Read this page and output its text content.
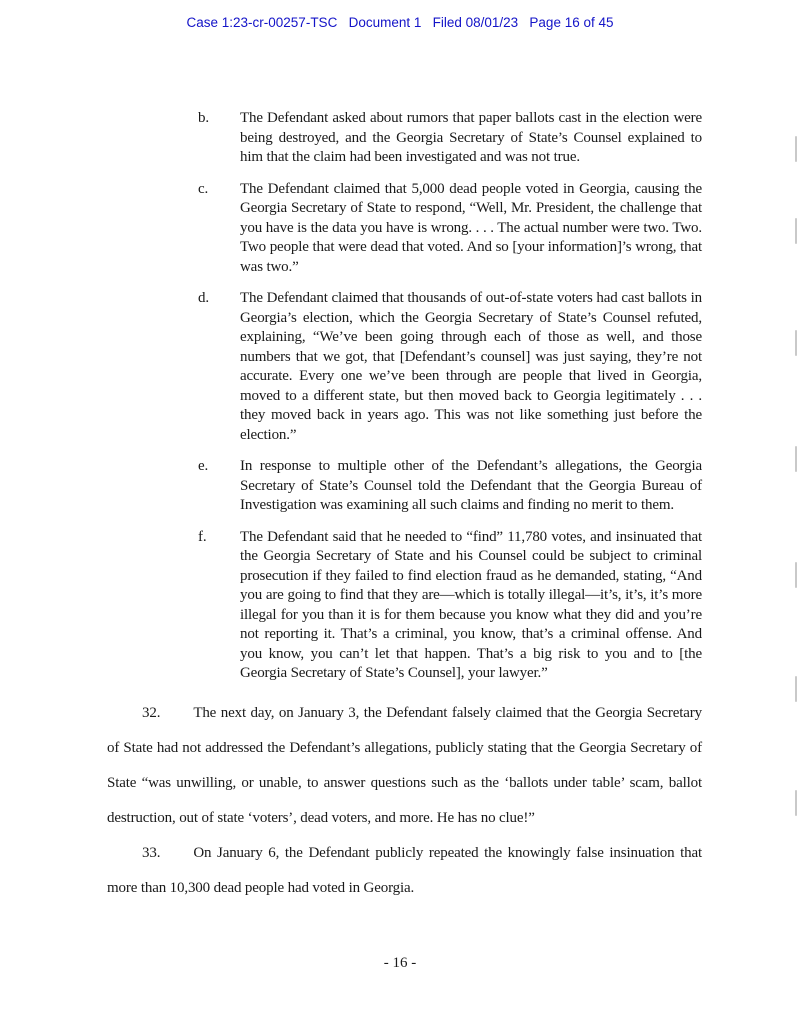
Case 1:23-cr-00257-TSC   Document 1   Filed 08/01/23   Page 16 of 45
b.	The Defendant asked about rumors that paper ballots cast in the election were being destroyed, and the Georgia Secretary of State’s Counsel explained to him that the claim had been investigated and was not true.
c.	The Defendant claimed that 5,000 dead people voted in Georgia, causing the Georgia Secretary of State to respond, “Well, Mr. President, the challenge that you have is the data you have is wrong. . . . The actual number were two. Two. Two people that were dead that voted. And so [your information]’s wrong, that was two.”
d.	The Defendant claimed that thousands of out-of-state voters had cast ballots in Georgia’s election, which the Georgia Secretary of State’s Counsel refuted, explaining, “We’ve been going through each of those as well, and those numbers that we got, that [Defendant’s counsel] was just saying, they’re not accurate. Every one we’ve been through are people that lived in Georgia, moved to a different state, but then moved back to Georgia legitimately . . . they moved back in years ago. This was not like something just before the election.”
e.	In response to multiple other of the Defendant’s allegations, the Georgia Secretary of State’s Counsel told the Defendant that the Georgia Bureau of Investigation was examining all such claims and finding no merit to them.
f.	The Defendant said that he needed to “find” 11,780 votes, and insinuated that the Georgia Secretary of State and his Counsel could be subject to criminal prosecution if they failed to find election fraud as he demanded, stating, “And you are going to find that they are—which is totally illegal—it’s, it’s, it’s more illegal for you than it is for them because you know what they did and you’re not reporting it. That’s a criminal, you know, that’s a criminal offense. And you know, you can’t let that happen. That’s a big risk to you and to [the Georgia Secretary of State’s Counsel], your lawyer.”

32. The next day, on January 3, the Defendant falsely claimed that the Georgia Secretary of State had not addressed the Defendant’s allegations, publicly stating that the Georgia Secretary of State “was unwilling, or unable, to answer questions such as the ‘ballots under table’ scam, ballot destruction, out of state ‘voters’, dead voters, and more. He has no clue!”

33. On January 6, the Defendant publicly repeated the knowingly false insinuation that more than 10,300 dead people had voted in Georgia.

- 16 -
